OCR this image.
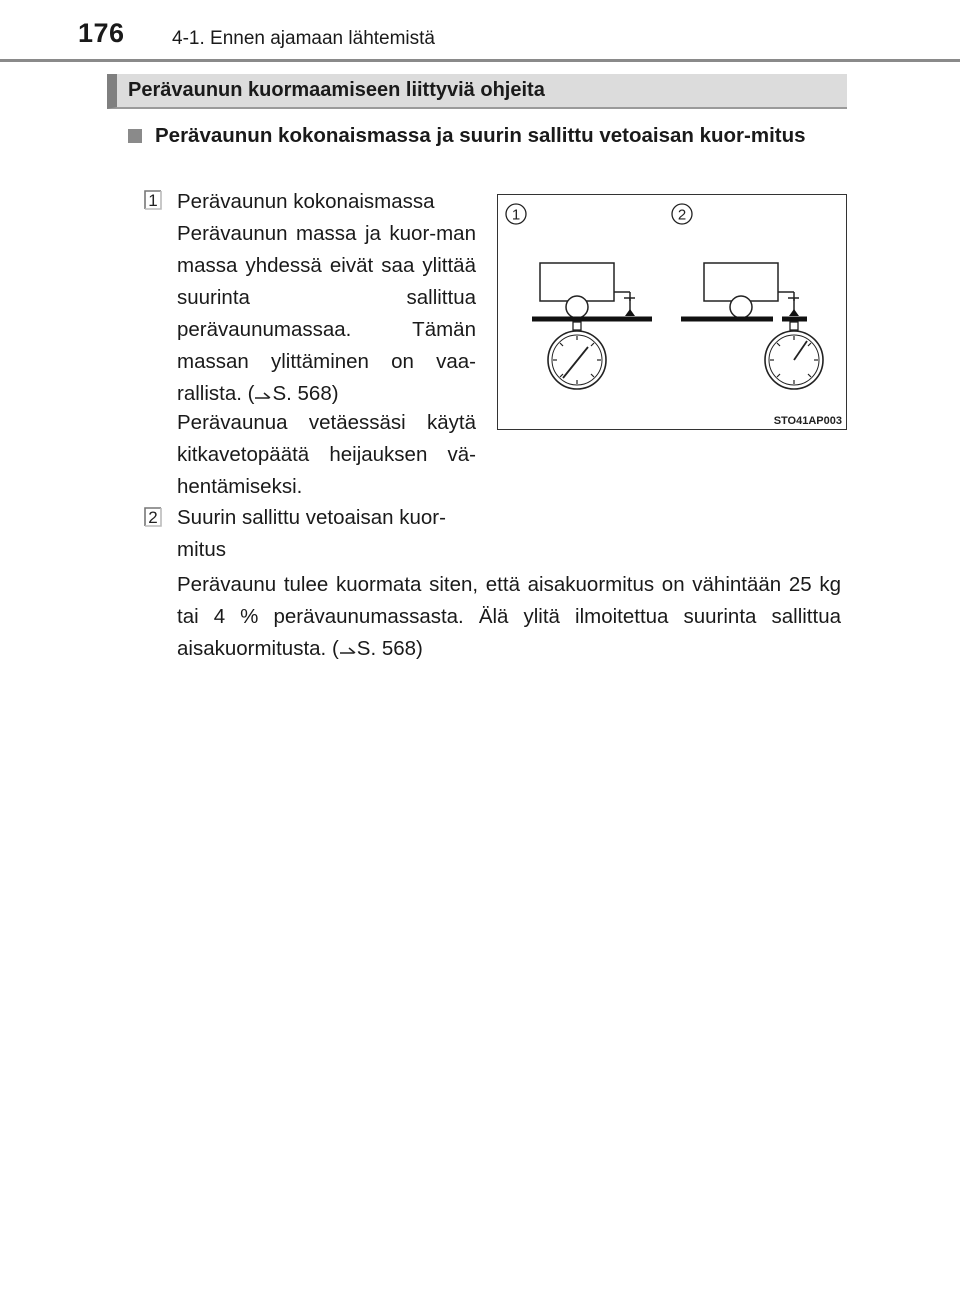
176 4-1. Ennen ajamaan lähtemistä
Perävaunun kuormaamiseen liittyviä ohjeita
Perävaunun kokonaismassa ja suurin sallittu vetoaisan kuor-mitus
1 Perävaunun kokonaismassa
Perävaunun massa ja kuor-man massa yhdessä eivät saa ylittää suurinta sallittua perävaunumassaa. Tämän massan ylittäminen on vaa-rallista. ( S. 568)
Perävaunua vetäessäsi käytä kitkavetopäätä heijauksen vä-hentämiseksi.
2 Suurin sallittu vetoaisan kuor-mitus
Perävaunu tulee kuormata siten, että aisakuormitus on vähintään 25 kg tai 4 % perävaunumassasta. Älä ylitä ilmoitettua suurinta sallittua aisakuormitusta. ( S. 568)
1	2
STO41AP003
